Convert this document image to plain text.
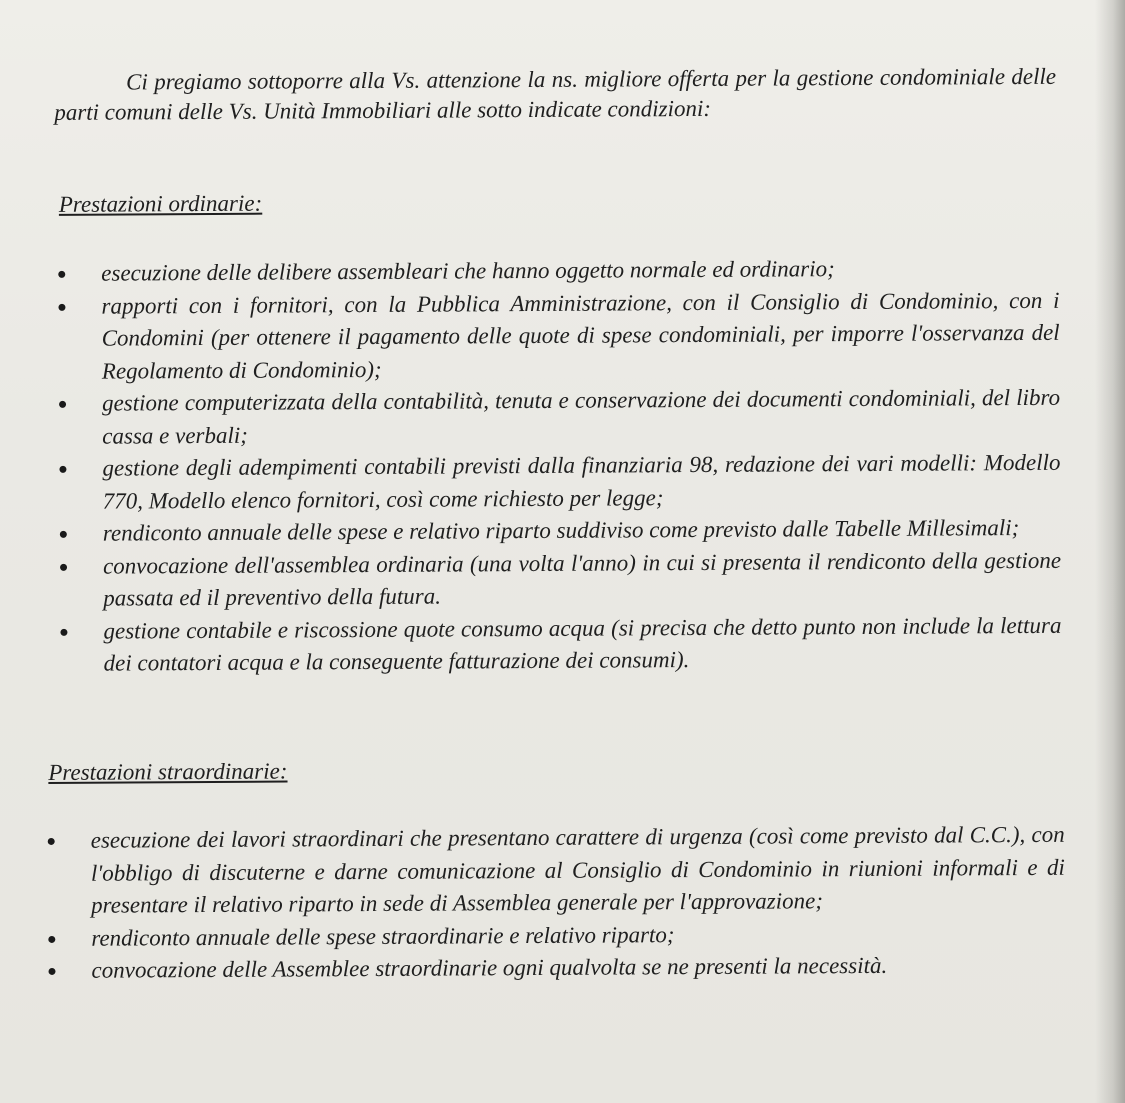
Ci pregiamo sottoporre alla Vs. attenzione la ns. migliore offerta per la gestione condominiale delle parti comuni delle Vs. Unità Immobiliari alle sotto indicate condizioni:

Prestazioni ordinarie:
esecuzione delle delibere assembleari che hanno oggetto normale ed ordinario;
rapporti con i fornitori, con la Pubblica Amministrazione, con il Consiglio di Condominio, con i Condomini (per ottenere il pagamento delle quote di spese condominiali, per imporre l'osservanza del Regolamento di Condominio);
gestione computerizzata della contabilità, tenuta e conservazione dei documenti condominiali, del libro cassa e verbali;
gestione degli adempimenti contabili previsti dalla finanziaria 98, redazione dei vari modelli: Modello 770, Modello elenco fornitori, così come richiesto per legge;
rendiconto annuale delle spese e relativo riparto suddiviso come previsto dalle Tabelle Millesimali;
convocazione dell'assemblea ordinaria (una volta l'anno) in cui si presenta il rendiconto della gestione passata ed il preventivo della futura.
gestione contabile e riscossione quote consumo acqua (si precisa che detto punto non include la lettura dei contatori acqua e la conseguente fatturazione dei consumi).
Prestazioni straordinarie:
esecuzione dei lavori straordinari che presentano carattere di urgenza (così come previsto dal C.C.), con l'obbligo di discuterne e darne comunicazione al Consiglio di Condominio in riunioni informali e di presentare il relativo riparto in sede di Assemblea generale per l'approvazione;
rendiconto annuale delle spese straordinarie e relativo riparto;
convocazione delle Assemblee straordinarie ogni qualvolta se ne presenti la necessità.
